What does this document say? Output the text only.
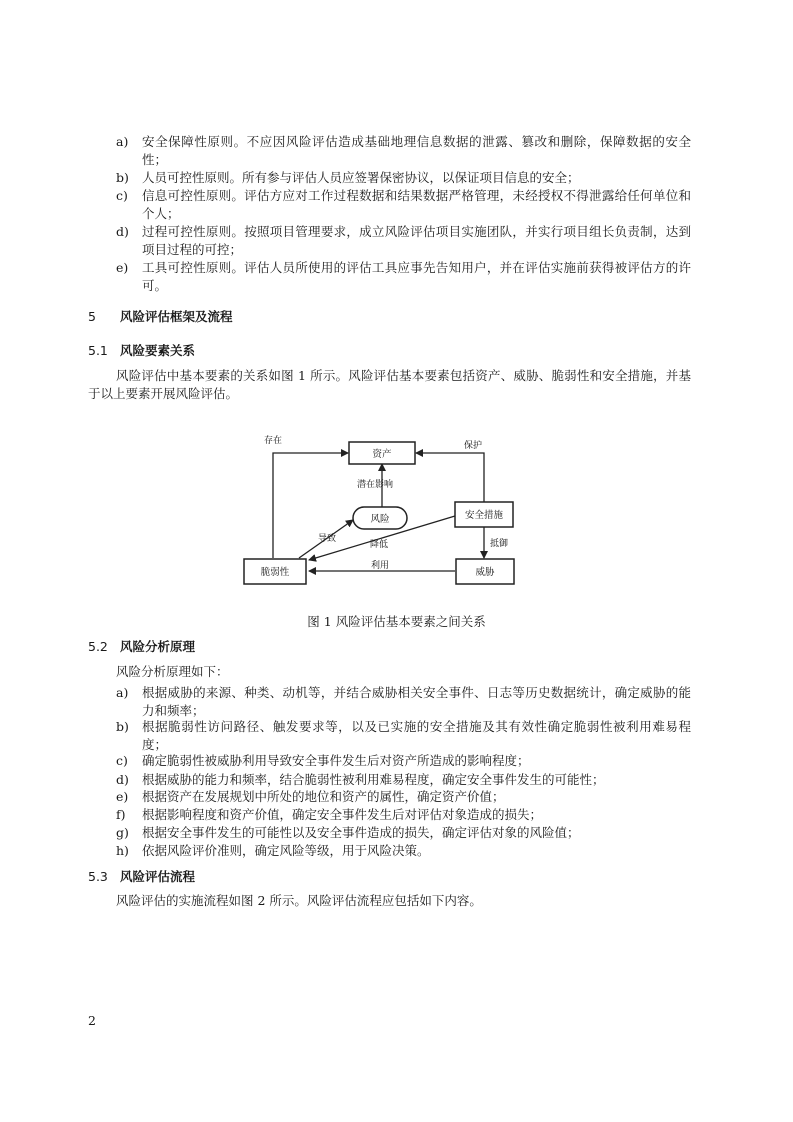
a) 安全保障性原则。不应因风险评估造成基础地理信息数据的泄露、篡改和删除，保障数据的安全性；
b) 人员可控性原则。所有参与评估人员应签署保密协议，以保证项目信息的安全；
c) 信息可控性原则。评估方应对工作过程数据和结果数据严格管理，未经授权不得泄露给任何单位和个人；
d) 过程可控性原则。按照项目管理要求，成立风险评估项目实施团队，并实行项目组长负责制，达到项目过程的可控；
e) 工具可控性原则。评估人员所使用的评估工具应事先告知用户，并在评估实施前获得被评估方的许可。
5 风险评估框架及流程
5.1 风险要素关系
风险评估中基本要素的关系如图 1 所示。风险评估基本要素包括资产、威胁、脆弱性和安全措施，并基于以上要素开展风险评估。
资产
风险	安全措施
脆弱性	威胁
存在	保护
潜在影响
导致
降低	抵御
利用
图 1 风险评估基本要素之间关系
5.2 风险分析原理
风险分析原理如下：
a) 根据威胁的来源、种类、动机等，并结合威胁相关安全事件、日志等历史数据统计，确定威胁的能力和频率；
b) 根据脆弱性访问路径、触发要求等，以及已实施的安全措施及其有效性确定脆弱性被利用难易程度；
c) 确定脆弱性被威胁利用导致安全事件发生后对资产所造成的影响程度；
d) 根据威胁的能力和频率，结合脆弱性被利用难易程度，确定安全事件发生的可能性；
e) 根据资产在发展规划中所处的地位和资产的属性，确定资产价值；
f) 根据影响程度和资产价值，确定安全事件发生后对评估对象造成的损失；
g) 根据安全事件发生的可能性以及安全事件造成的损失，确定评估对象的风险值；
h) 依据风险评价准则，确定风险等级，用于风险决策。
5.3 风险评估流程
风险评估的实施流程如图 2 所示。风险评估流程应包括如下内容。
2
